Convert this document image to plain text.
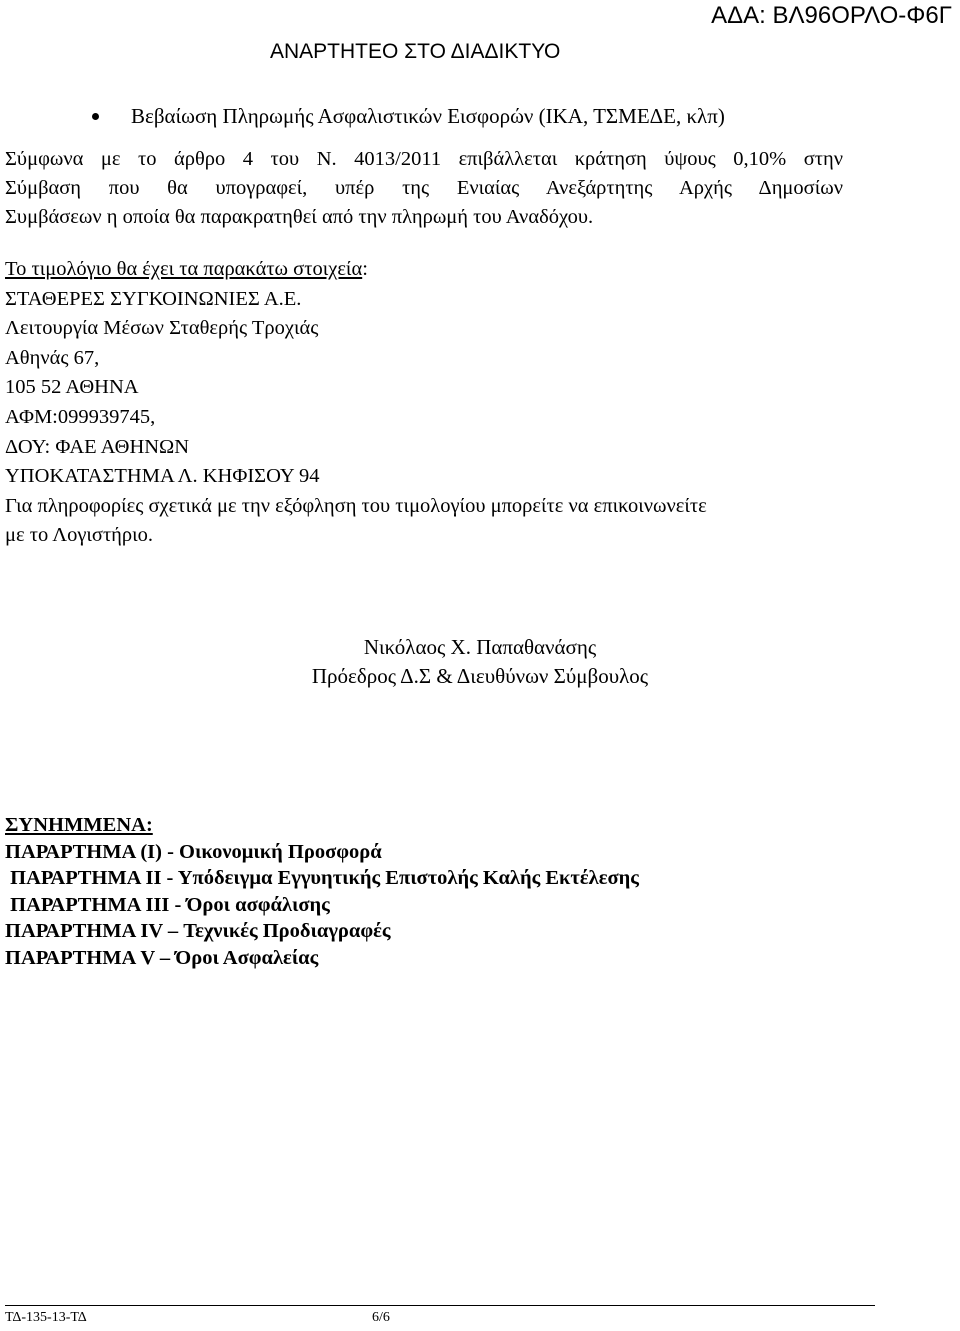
ΑΔΑ: ΒΛ96ΟΡΛΟ-Φ6Γ
ΑΝΑΡΤΗΤΕΟ ΣΤΟ ΔΙΑΔΙΚΤΥΟ
Βεβαίωση Πληρωμής Ασφαλιστικών Εισφορών (ΙΚΑ, ΤΣΜΕΔΕ, κλπ)
Σύμφωνα με το άρθρο 4 του Ν. 4013/2011 επιβάλλεται κράτηση ύψους 0,10% στην
Σύμβαση που θα υπογραφεί, υπέρ της Ενιαίας Ανεξάρτητης Αρχής Δημοσίων
Συμβάσεων η οποία θα παρακρατηθεί από την πληρωμή του Αναδόχου.
Το τιμολόγιο θα έχει τα παρακάτω στοιχεία:
ΣΤΑΘΕΡΕΣ ΣΥΓΚΟΙΝΩΝΙΕΣ Α.Ε.
Λειτουργία Μέσων Σταθερής Τροχιάς
Αθηνάς 67,
105 52 ΑΘΗΝΑ
ΑΦΜ:099939745,
ΔΟΥ: ΦΑΕ ΑΘΗΝΩΝ
ΥΠΟΚΑΤΑΣΤΗΜΑ Λ. ΚΗΦΙΣΟΥ 94
Για πληροφορίες σχετικά με την εξόφληση του τιμολογίου μπορείτε να επικοινωνείτε
με το Λογιστήριο.
Νικόλαος Χ. Παπαθανάσης
Πρόεδρος Δ.Σ & Διευθύνων Σύμβουλος
ΣΥΝΗΜΜΕΝΑ:
ΠΑΡΑΡΤΗΜΑ (Ι) - Οικονομική Προσφορά
ΠΑΡΑΡΤΗΜΑ ΙΙ - Υπόδειγμα Εγγυητικής Επιστολής Καλής Εκτέλεσης
ΠΑΡΑΡΤΗΜΑ ΙΙΙ - Όροι ασφάλισης
ΠΑΡΑΡΤΗΜΑ IV – Τεχνικές Προδιαγραφές
ΠΑΡΑΡΤΗΜΑ V – Όροι Ασφαλείας
ΤΔ-135-13-ΤΔ	6/6
